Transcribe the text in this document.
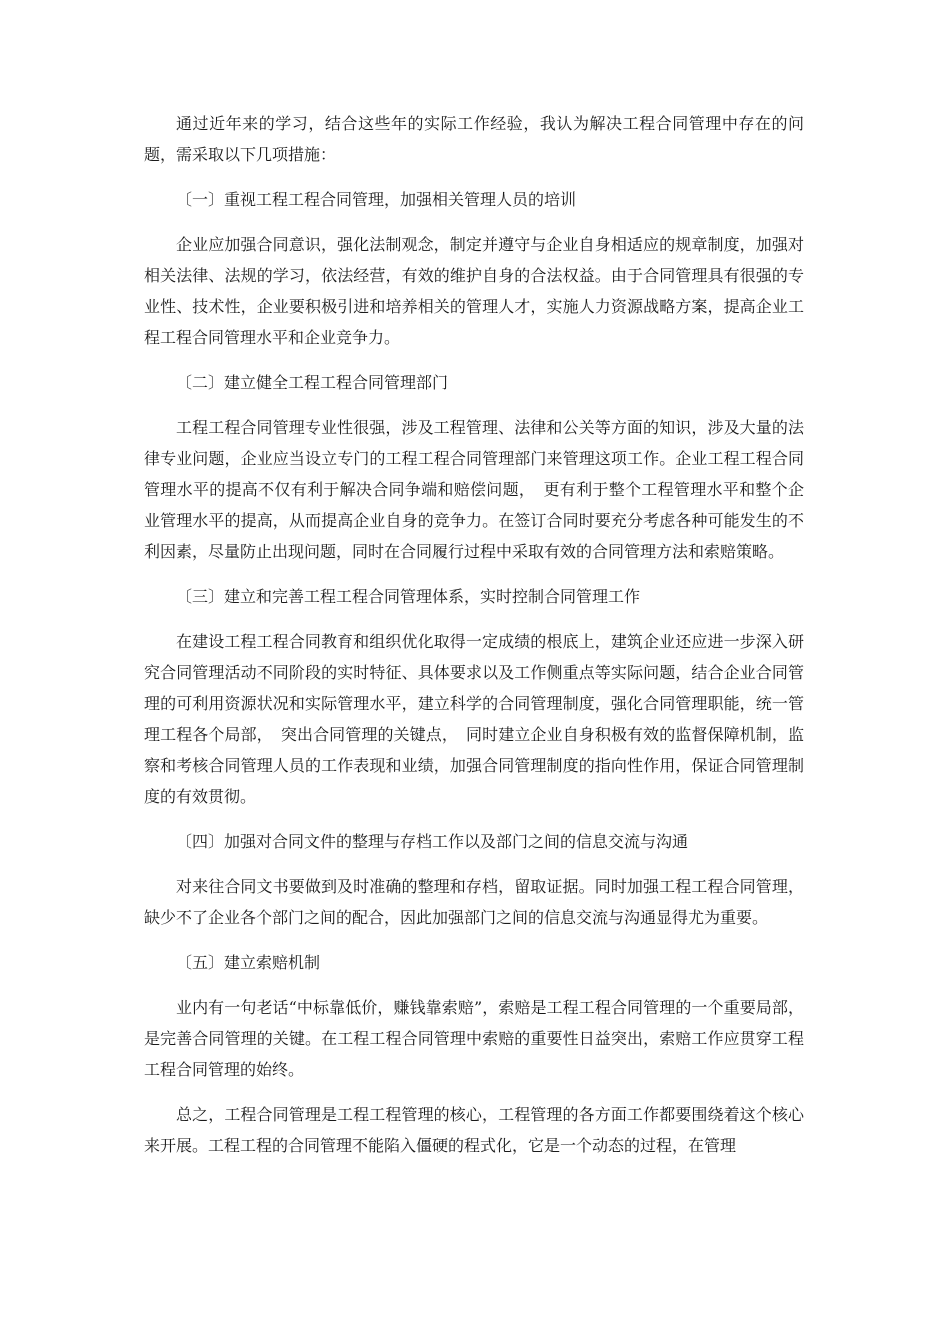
通过近年来的学习，结合这些年的实际工作经验，我认为解决工程合同管理中存在的问题，需采取以下几项措施：

〔一〕重视工程工程合同管理，加强相关管理人员的培训

企业应加强合同意识，强化法制观念，制定并遵守与企业自身相适应的规章制度，加强对相关法律、法规的学习，依法经营，有效的维护自身的合法权益。由于合同管理具有很强的专业性、技术性，企业要积极引进和培养相关的管理人才，实施人力资源战略方案，提高企业工程工程合同管理水平和企业竞争力。

〔二〕建立健全工程工程合同管理部门

工程工程合同管理专业性很强，涉及工程管理、法律和公关等方面的知识，涉及大量的法律专业问题，企业应当设立专门的工程工程合同管理部门来管理这项工作。企业工程工程合同管理水平的提高不仅有利于解决合同争端和赔偿问题，　更有利于整个工程管理水平和整个企业管理水平的提高，从而提高企业自身的竞争力。在签订合同时要充分考虑各种可能发生的不利因素，尽量防止出现问题，同时在合同履行过程中采取有效的合同管理方法和索赔策略。

〔三〕建立和完善工程工程合同管理体系，实时控制合同管理工作

在建设工程工程合同教育和组织优化取得一定成绩的根底上，建筑企业还应进一步深入研究合同管理活动不同阶段的实时特征、具体要求以及工作侧重点等实际问题，结合企业合同管理的可利用资源状况和实际管理水平，建立科学的合同管理制度，强化合同管理职能，统一管理工程各个局部，　突出合同管理的关键点，　同时建立企业自身积极有效的监督保障机制，监察和考核合同管理人员的工作表现和业绩，加强合同管理制度的指向性作用，保证合同管理制度的有效贯彻。

〔四〕加强对合同文件的整理与存档工作以及部门之间的信息交流与沟通

对来往合同文书要做到及时准确的整理和存档，留取证据。同时加强工程工程合同管理，缺少不了企业各个部门之间的配合，因此加强部门之间的信息交流与沟通显得尤为重要。

〔五〕建立索赔机制

业内有一句老话“中标靠低价，赚钱靠索赔”，索赔是工程工程合同管理的一个重要局部，是完善合同管理的关键。在工程工程合同管理中索赔的重要性日益突出，索赔工作应贯穿工程工程合同管理的始终。

总之，工程合同管理是工程工程管理的核心，工程管理的各方面工作都要围绕着这个核心来开展。工程工程的合同管理不能陷入僵硬的程式化，它是一个动态的过程，在管理
